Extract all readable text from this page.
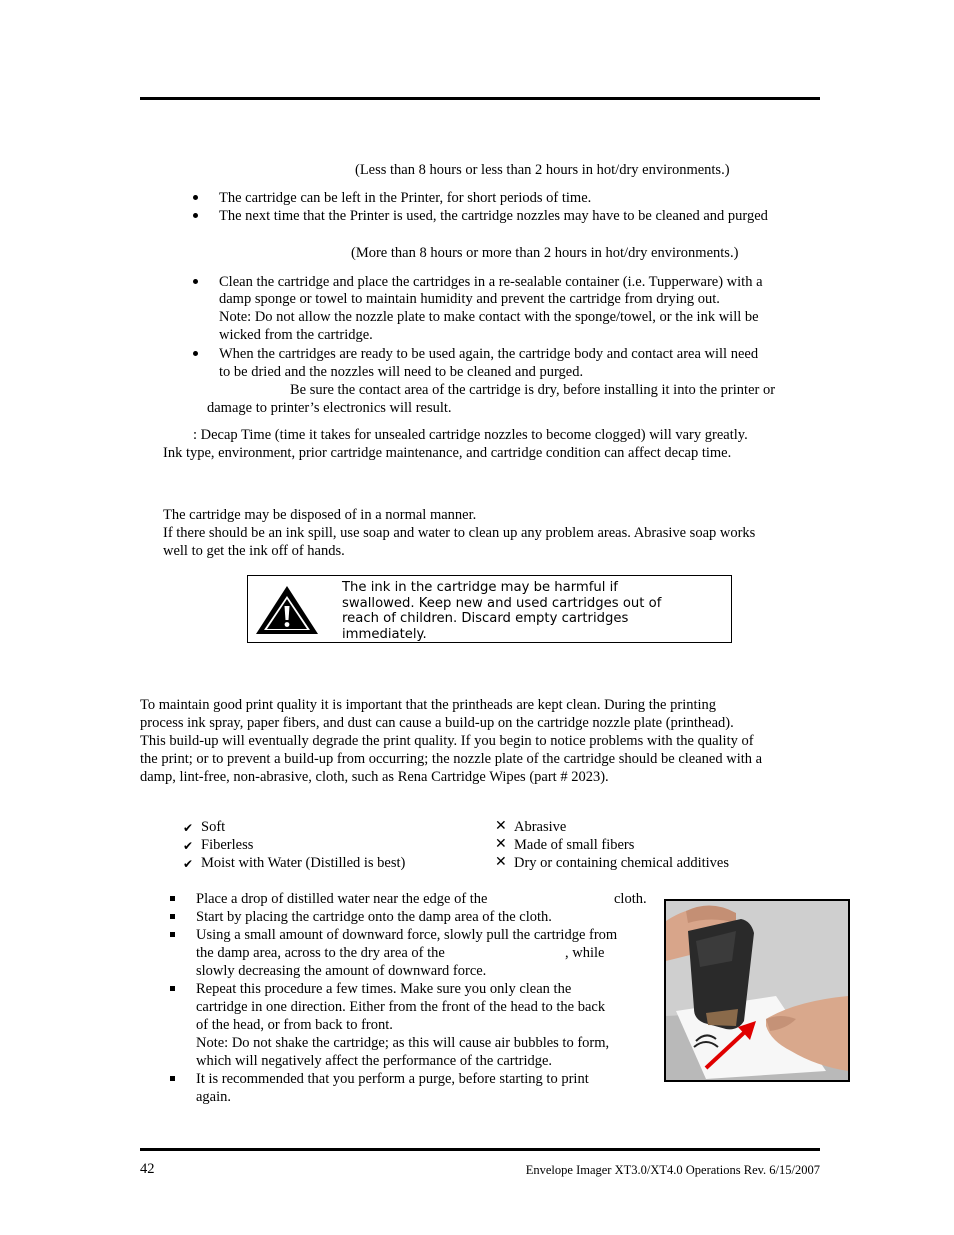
(Less than 8 hours or less than 2 hours in hot/dry environments.)
The cartridge can be left in the Printer, for short periods of time.
The next time that the Printer is used, the cartridge nozzles may have to be cleaned and purged
(More than 8 hours or more than 2 hours in hot/dry environments.)
Clean the cartridge and place the cartridges in a re-sealable container (i.e. Tupperware) with a
damp sponge or towel to maintain humidity and prevent the cartridge from drying out.
Note: Do not allow the nozzle plate to make contact with the sponge/towel, or the ink will be
wicked from the cartridge.
When the cartridges are ready to be used again, the cartridge body and contact area will need
to be dried and the nozzles will need to be cleaned and purged.
Be sure the contact area of the cartridge is dry, before installing it into the printer or
damage to printer’s electronics will result.
: Decap Time (time it takes for unsealed cartridge nozzles to become clogged) will vary greatly.
Ink type, environment, prior cartridge maintenance, and cartridge condition can affect decap time.
The cartridge may be disposed of in a normal manner.
If there should be an ink spill, use soap and water to clean up any problem areas. Abrasive soap works
well to get the ink off of hands.
The ink in the cartridge may be harmful if
swallowed. Keep new and used cartridges out of
reach of children. Discard empty cartridges
immediately.
To maintain good print quality it is important that the printheads are kept clean. During the printing
process ink spray, paper fibers, and dust can cause a build-up on the cartridge nozzle plate (printhead).
This build-up will eventually degrade the print quality. If you begin to notice problems with the quality of
the print; or to prevent a build-up from occurring; the nozzle plate of the cartridge should be cleaned with a
damp, lint-free, non-abrasive, cloth, such as Rena Cartridge Wipes (part # 2023).
✔ Soft
✔ Fiberless
✔ Moist with Water (Distilled is best)
✕ Abrasive
✕ Made of small fibers
✕ Dry or containing chemical additives
Place a drop of distilled water near the edge of the	cloth.
Start by placing the cartridge onto the damp area of the cloth.
Using a small amount of downward force, slowly pull the cartridge from
the damp area, across to the dry area of the	, while
slowly decreasing the amount of downward force.
Repeat this procedure a few times. Make sure you only clean the
cartridge in one direction. Either from the front of the head to the back
of the head, or from back to front.
Note: Do not shake the cartridge; as this will cause air bubbles to form,
which will negatively affect the performance of the cartridge.
It is recommended that you perform a purge, before starting to print
again.
42	Envelope Imager XT3.0/XT4.0 Operations Rev. 6/15/2007
